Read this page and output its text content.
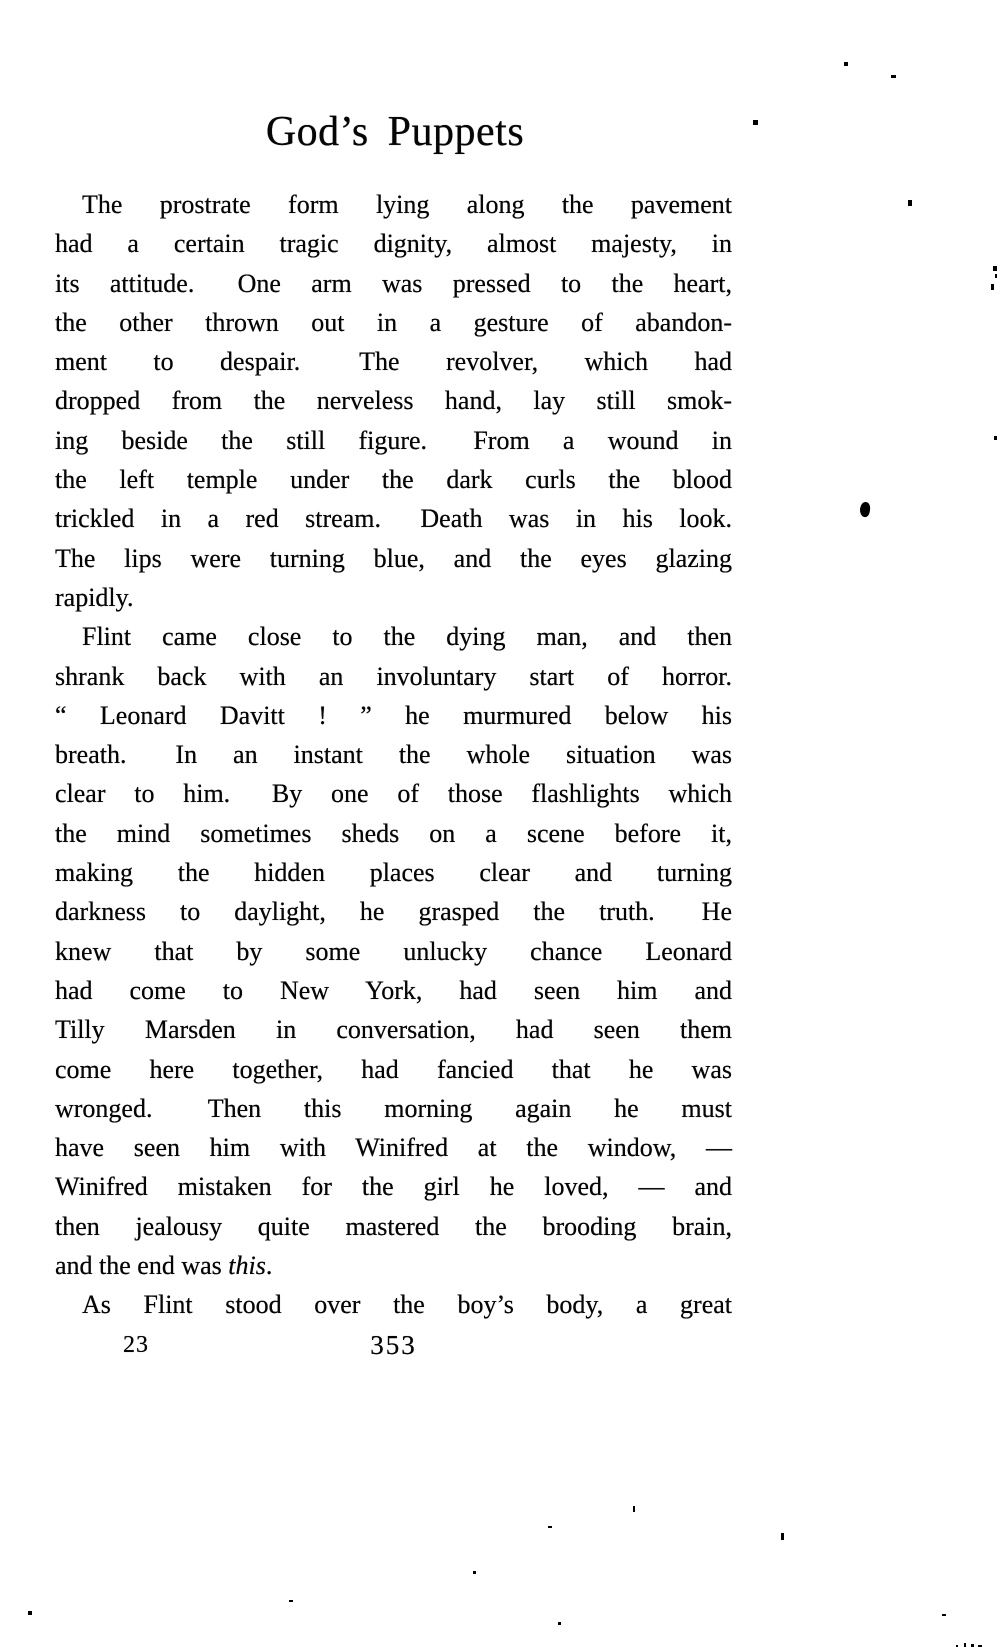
God’s Puppets
The prostrate form lying along the pavement
had a certain tragic dignity, almost majesty, in
its attitude.  One arm was pressed to the heart,
the other thrown out in a gesture of abandon-
ment to despair.  The revolver, which had
dropped from the nerveless hand, lay still smok-
ing beside the still figure.  From a wound in
the left temple under the dark curls the blood
trickled in a red stream.  Death was in his look.
The lips were turning blue, and the eyes glazing
rapidly.
Flint came close to the dying man, and then
shrank back with an involuntary start of horror.
“ Leonard Davitt ! ” he murmured below his
breath.  In an instant the whole situation was
clear to him.  By one of those flashlights which
the mind sometimes sheds on a scene before it,
making the hidden places clear and turning
darkness to daylight, he grasped the truth.  He
knew that by some unlucky chance Leonard
had come to New York, had seen him and
Tilly Marsden in conversation, had seen them
come here together, had fancied that he was
wronged.  Then this morning again he must
have seen him with Winifred at the window, —
Winifred mistaken for the girl he loved, — and
then jealousy quite mastered the brooding brain,
and the end was this.
As Flint stood over the boy’s body, a great
23	353
